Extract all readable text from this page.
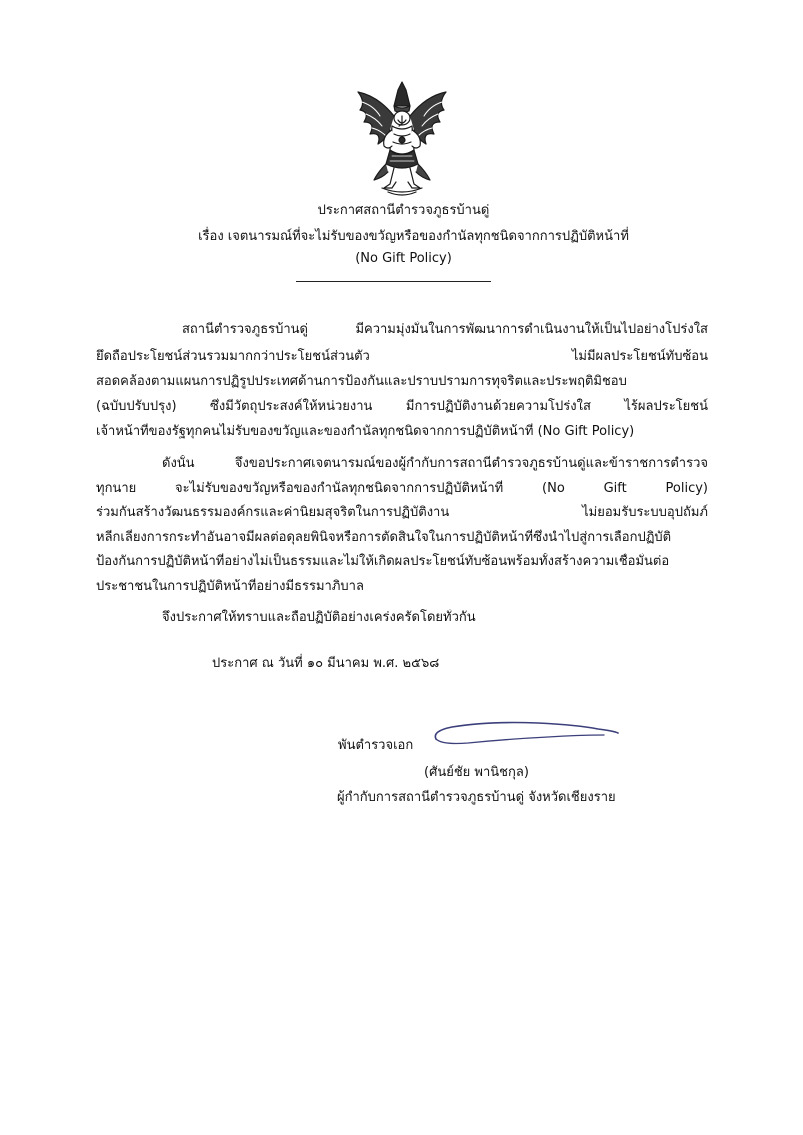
ประกาศสถานีตำรวจภูธรบ้านดู่
เรื่อง เจตนารมณ์ที่จะไม่รับของขวัญหรือของกำนัลทุกชนิดจากการปฏิบัติหน้าที่
(No Gift Policy)
สถานีตำรวจภูธรบ้านดู่ มีความมุ่งมั่นในการพัฒนาการดำเนินงานให้เป็นไปอย่างโปร่งใส
ยึดถือประโยชน์ส่วนรวมมากกว่าประโยชน์ส่วนตัว ไม่มีผลประโยชน์ทับซ้อน
สอดคล้องตามแผนการปฏิรูปประเทศด้านการป้องกันและปราบปรามการทุจริตและประพฤติมิชอบ
(ฉบับปรับปรุง) ซึ่งมีวัตถุประสงค์ให้หน่วยงาน มีการปฏิบัติงานด้วยความโปร่งใส ไร้ผลประโยชน์
เจ้าหน้าที่ของรัฐทุกคนไม่รับของขวัญและของกำนัลทุกชนิดจากการปฏิบัติหน้าที่ (No Gift Policy)
ดังนั้น จึงขอประกาศเจตนารมณ์ของผู้กำกับการสถานีตำรวจภูธรบ้านดู่และข้าราชการตำรวจ
ทุกนาย จะไม่รับของขวัญหรือของกำนัลทุกชนิดจากการปฏิบัติหน้าที่ (No Gift Policy)
ร่วมกันสร้างวัฒนธรรมองค์กรและค่านิยมสุจริตในการปฏิบัติงาน ไม่ยอมรับระบบอุปถัมภ์
หลีกเลี่ยงการกระทำอันอาจมีผลต่อดุลยพินิจหรือการตัดสินใจในการปฏิบัติหน้าที่ซึ่งนำไปสู่การเลือกปฏิบัติ
ป้องกันการปฏิบัติหน้าที่อย่างไม่เป็นธรรมและไม่ให้เกิดผลประโยชน์ทับซ้อนพร้อมทั้งสร้างความเชื่อมั่นต่อ
ประชาชนในการปฏิบัติหน้าที่อย่างมีธรรมาภิบาล
จึงประกาศให้ทราบและถือปฏิบัติอย่างเคร่งครัดโดยทั่วกัน
ประกาศ ณ วันที่ ๑๐ มีนาคม พ.ศ. ๒๕๖๘
พันตำรวจเอก
(ศันย์ชัย พานิชกุล)
ผู้กำกับการสถานีตำรวจภูธรบ้านดู่ จังหวัดเชียงราย
